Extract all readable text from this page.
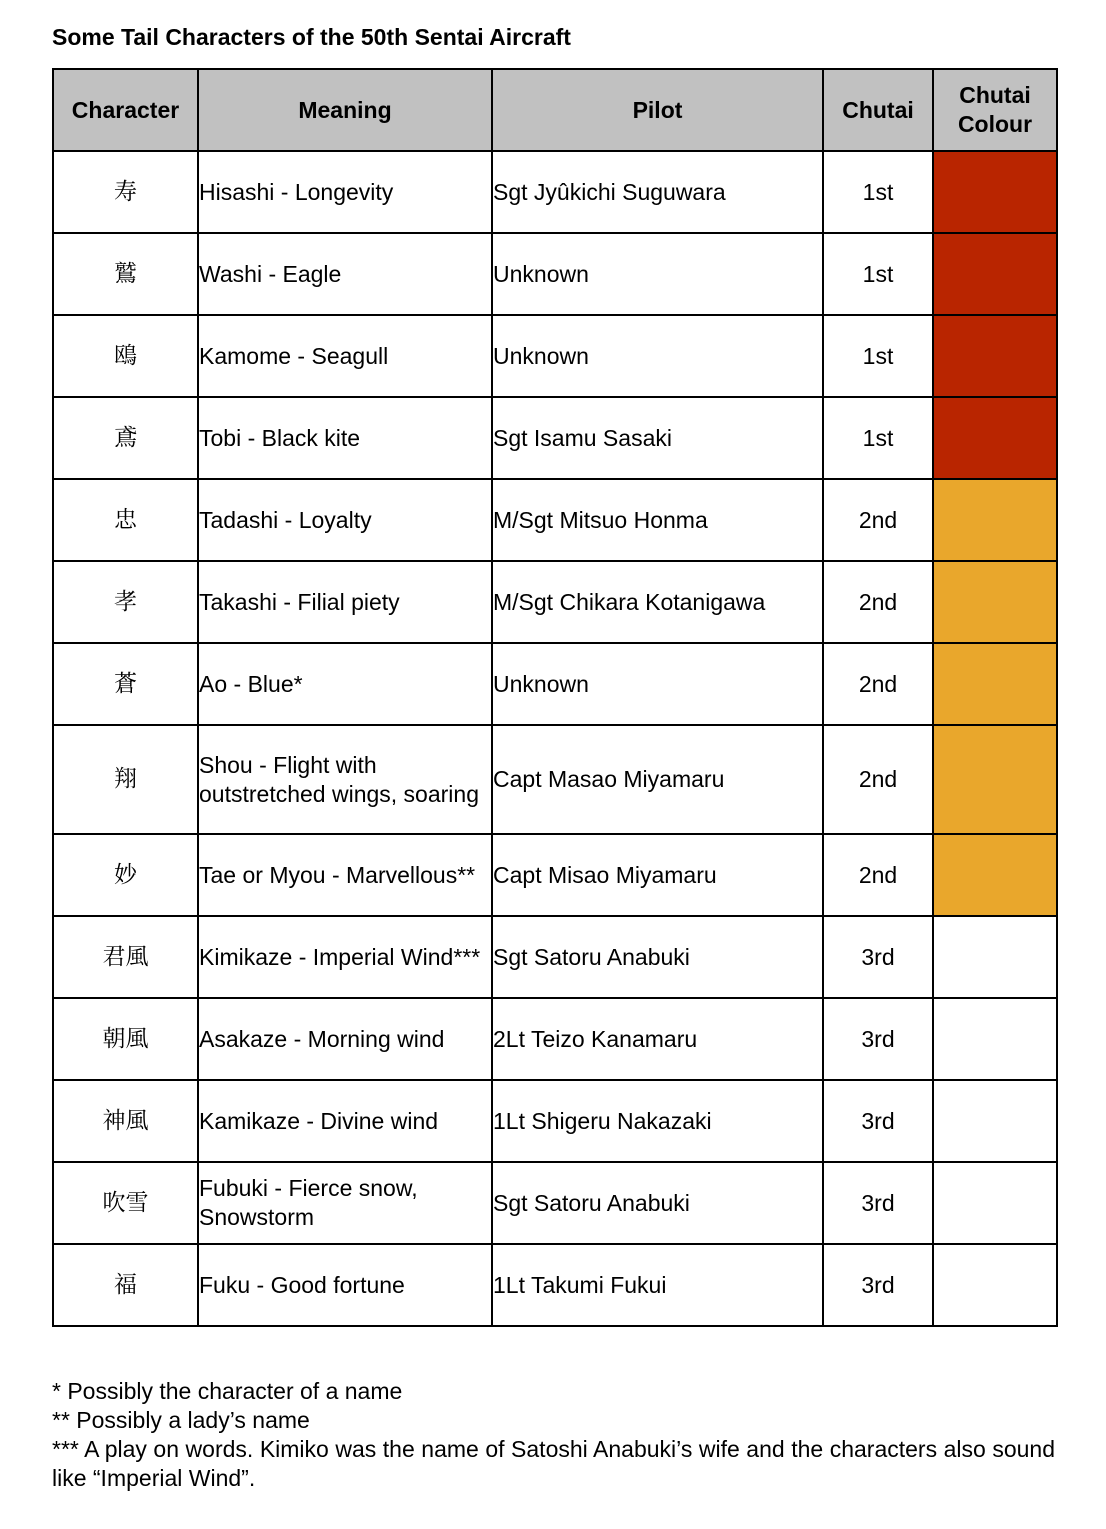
Some Tail Characters of the 50th Sentai Aircraft
Character	Meaning	Pilot	Chutai	Chutai Colour
寿	Hisashi - Longevity	Sgt Jyûkichi Suguwara	1st	
鷲	Washi - Eagle	Unknown	1st	
鴎	Kamome - Seagull	Unknown	1st	
鳶	Tobi - Black kite	Sgt Isamu Sasaki	1st	
忠	Tadashi - Loyalty	M/Sgt Mitsuo Honma	2nd	
孝	Takashi - Filial piety	M/Sgt Chikara Kotanigawa	2nd	
蒼	Ao - Blue*	Unknown	2nd	
翔	Shou - Flight with outstretched wings, soaring	Capt Masao Miyamaru	2nd	
妙	Tae or Myou - Marvellous**	Capt Misao Miyamaru	2nd	
君風	Kimikaze - Imperial Wind***	Sgt Satoru Anabuki	3rd	
朝風	Asakaze - Morning wind	2Lt Teizo Kanamaru	3rd	
神風	Kamikaze - Divine wind	1Lt Shigeru Nakazaki	3rd	
吹雪	Fubuki - Fierce snow, Snowstorm	Sgt Satoru Anabuki	3rd	
福	Fuku - Good fortune	1Lt Takumi Fukui	3rd	
* Possibly the character of a name
** Possibly a lady’s name
*** A play on words. Kimiko was the name of Satoshi Anabuki’s wife and the characters also sound like “Imperial Wind”.
